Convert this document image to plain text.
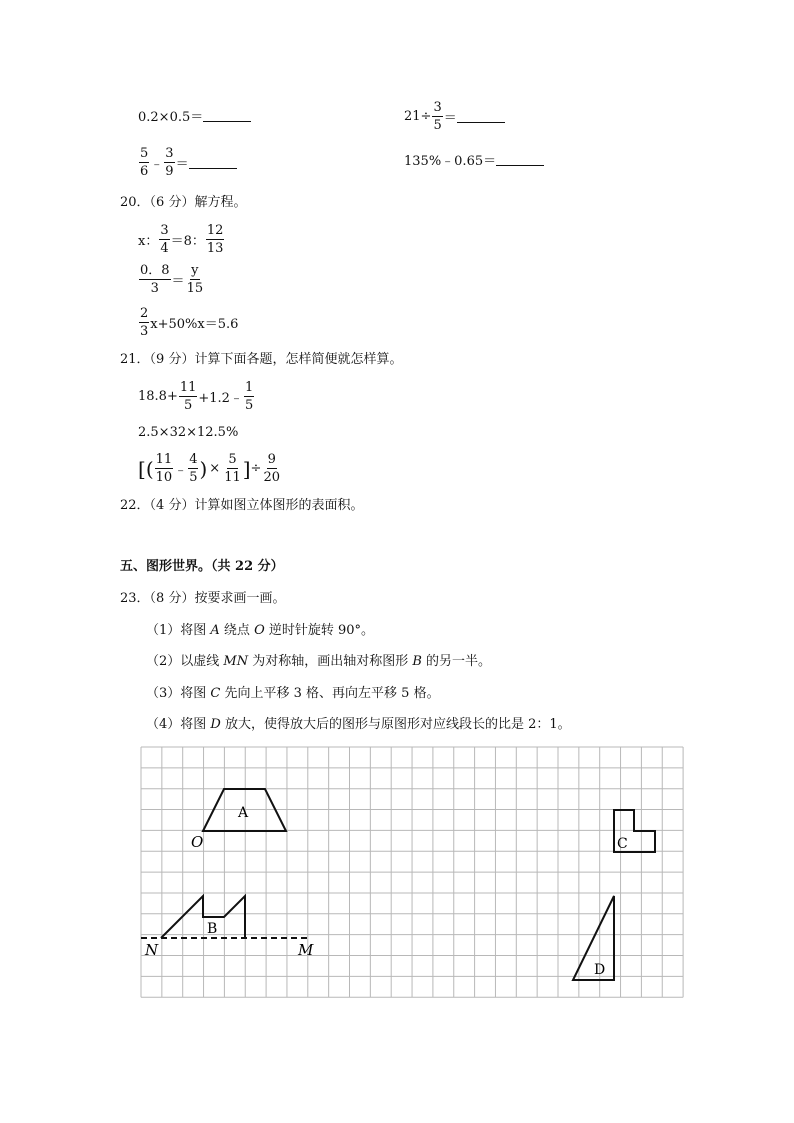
0.2×0.5＝	$21\div \frac{3}{5}$ ＝
$\frac{5}{6}$ ﹣ $\frac{3}{9}$ ＝	135%﹣0.65＝
20．（6 分）解方程。
x： $\frac{3}{4} =8$： $\frac{12}{13}$
$\frac{0.8}{3} = \frac{y}{15}$
$\frac{2}{3} x+50\%x=5.6$
21．（9 分）计算下面各题，怎样简便就怎样算。
$18.8+ \frac{11}{5}$ +1.2﹣ $\frac{1}{5}$
2.5×32×12.5%
[ ( $\frac{11}{10}$ ﹣ $\frac{4}{5}$ ) × $\frac{5}{11}$ ] ÷ $\frac{9}{20}$
22．（4 分）计算如图立体图形的表面积。
五、图形世界。（共 22 分）
23．（8 分）按要求画一画。
（1）将图 A 绕点 O 逆时针旋转 90°。
（2）以虚线 MN 为对称轴，画出轴对称图形 B 的另一半。
（3）将图 C 先向上平移 3 格、再向左平移 5 格。
（4）将图 D 放大，使得放大后的图形与原图形对应线段长的比是 2：1。
A
O
B
N	M
C
D
